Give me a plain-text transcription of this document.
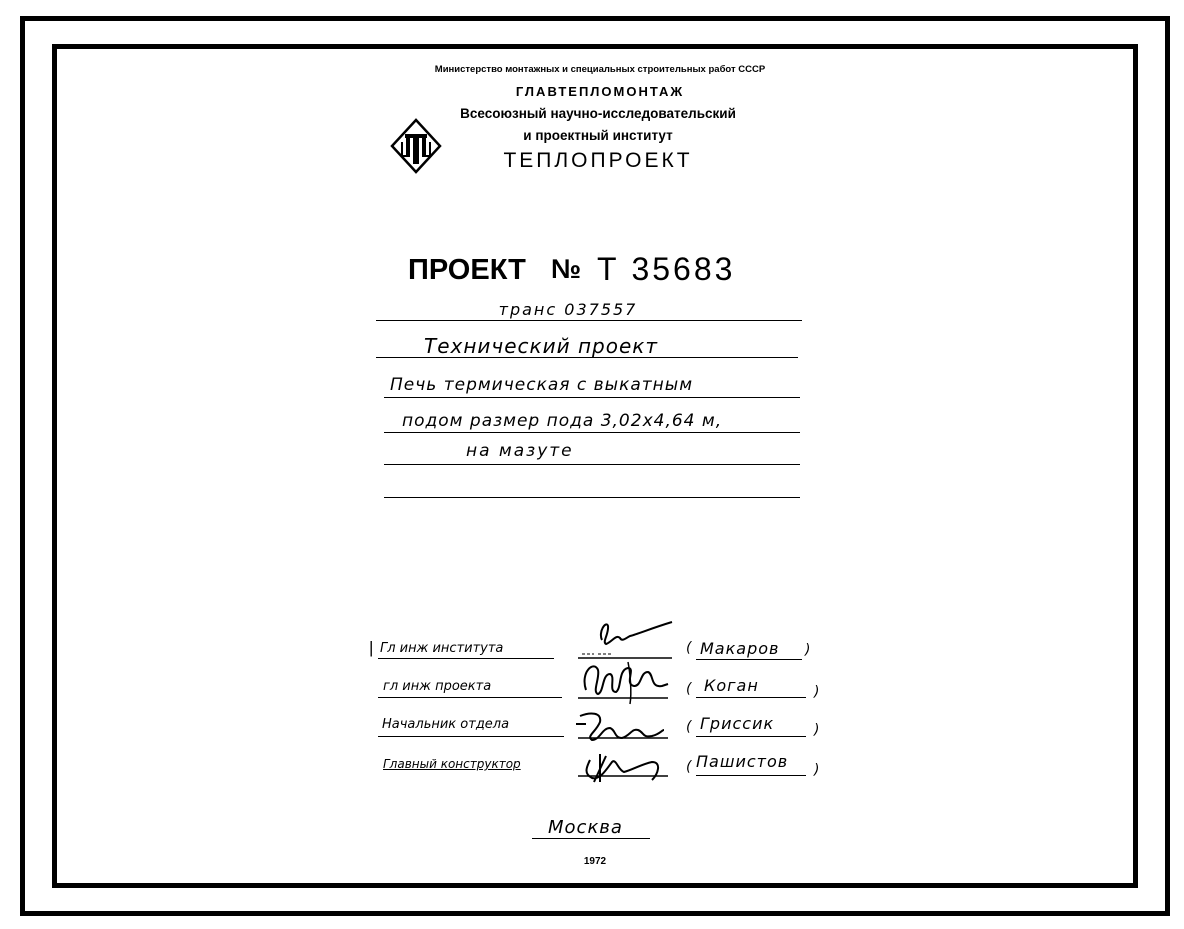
Министерство монтажных и специальных строительных работ СССР
ГЛАВТЕПЛОМОНТАЖ
Всесоюзный научно-исследовательский
и проектный институт
ТЕПЛОПРОЕКТ
ПРОЕКТ № Т 35683
транс 037557
Технический проект
Печь термическая с выкатным
подом размер пода 3,02х4,64 м,
на мазуте
| Гл инж института	( Макаров )
гл инж проекта	( Коган	)
Начальник отдела	( Гриссик	)
Главный конструктор	( Пашистов )
Москва
1972
